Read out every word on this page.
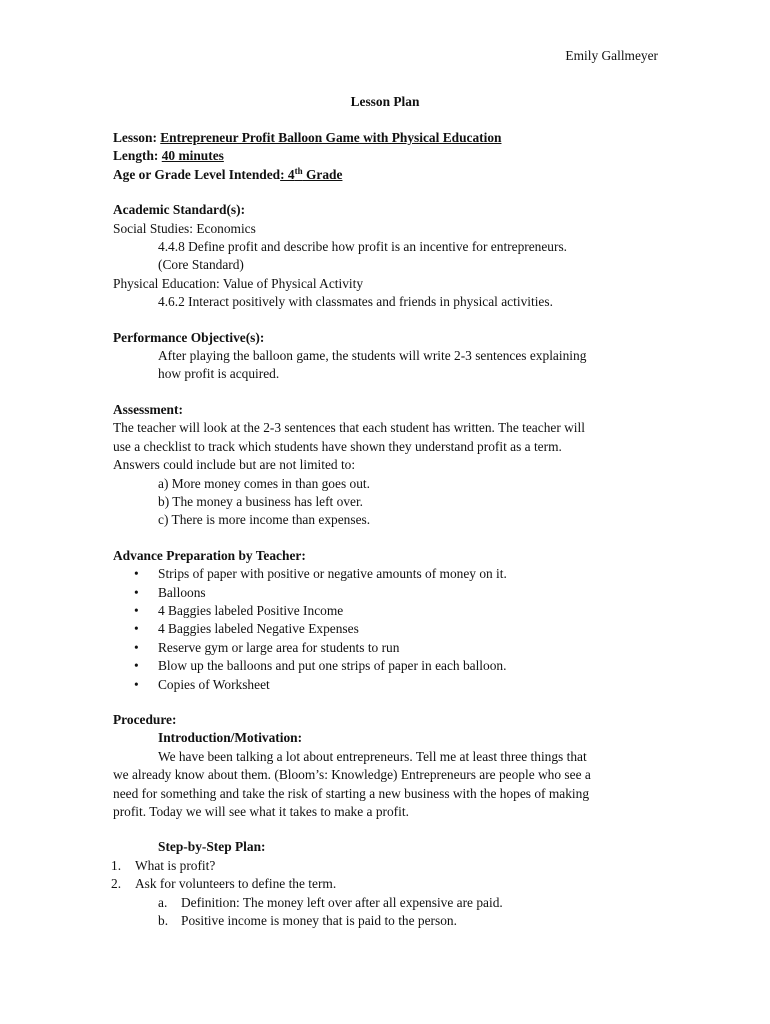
Emily Gallmeyer
Lesson Plan
Lesson: Entrepreneur Profit Balloon Game with Physical Education
Length: 40 minutes
Age or Grade Level Intended: 4th Grade
Academic Standard(s):
Social Studies: Economics
4.4.8 Define profit and describe how profit is an incentive for entrepreneurs.
(Core Standard)
Physical Education: Value of Physical Activity
4.6.2 Interact positively with classmates and friends in physical activities.
Performance Objective(s):
After playing the balloon game, the students will write 2-3 sentences explaining
how profit is acquired.
Assessment:
The teacher will look at the 2-3 sentences that each student has written. The teacher will
use a checklist to track which students have shown they understand profit as a term.
Answers could include but are not limited to:
a) More money comes in than goes out.
b) The money a business has left over.
c) There is more income than expenses.
Advance Preparation by Teacher:
•	Strips of paper with positive or negative amounts of money on it.
•	Balloons
•	4 Baggies labeled Positive Income
•	4 Baggies labeled Negative Expenses
•	Reserve gym or large area for students to run
•	Blow up the balloons and put one strips of paper in each balloon.
•	Copies of Worksheet
Procedure:
Introduction/Motivation:
We have been talking a lot about entrepreneurs. Tell me at least three things that
we already know about them. (Bloom’s: Knowledge) Entrepreneurs are people who see a
need for something and take the risk of starting a new business with the hopes of making
profit. Today we will see what it takes to make a profit.
Step-by-Step Plan:
1.	What is profit?
2.	Ask for volunteers to define the term.
a.	Definition: The money left over after all expensive are paid.
b. Positive income is money that is paid to the person.
